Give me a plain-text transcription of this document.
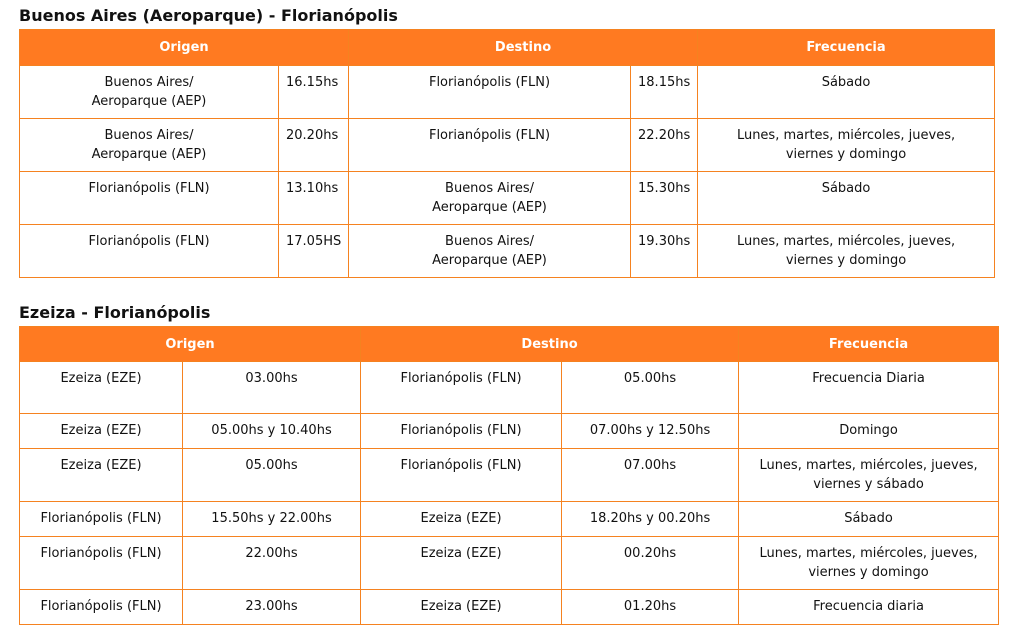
Buenos Aires (Aeroparque) - Florianópolis
Origen		Destino		Frecuencia

Buenos Aires/
Aeroparque (AEP)	16.15hs	Florianópolis (FLN)	18.15hs	Sábado

Buenos Aires/
Aeroparque (AEP)	20.20hs	Florianópolis (FLN)	22.20hs	Lunes, martes, miércoles, jueves,
viernes y domingo

Florianópolis (FLN)	13.10hs	Buenos Aires/
Aeroparque (AEP)	15.30hs	Sábado

Florianópolis (FLN)	17.05HS	Buenos Aires/
Aeroparque (AEP)	19.30hs	Lunes, martes, miércoles, jueves,
viernes y domingo
Ezeiza - Florianópolis
Origen		Destino		Frecuencia

Ezeiza (EZE)	03.00hs	Florianópolis (FLN)	05.00hs	Frecuencia Diaria

Ezeiza (EZE)	05.00hs y 10.40hs	Florianópolis (FLN)	07.00hs y 12.50hs	Domingo

Ezeiza (EZE)	05.00hs	Florianópolis (FLN)	07.00hs	Lunes, martes, miércoles, jueves,
viernes y sábado

Florianópolis (FLN)	15.50hs y 22.00hs	Ezeiza (EZE)	18.20hs y 00.20hs	Sábado

Florianópolis (FLN)	22.00hs	Ezeiza (EZE)	00.20hs	Lunes, martes, miércoles, jueves,
viernes y domingo

Florianópolis (FLN)	23.00hs	Ezeiza (EZE)	01.20hs	Frecuencia diaria
